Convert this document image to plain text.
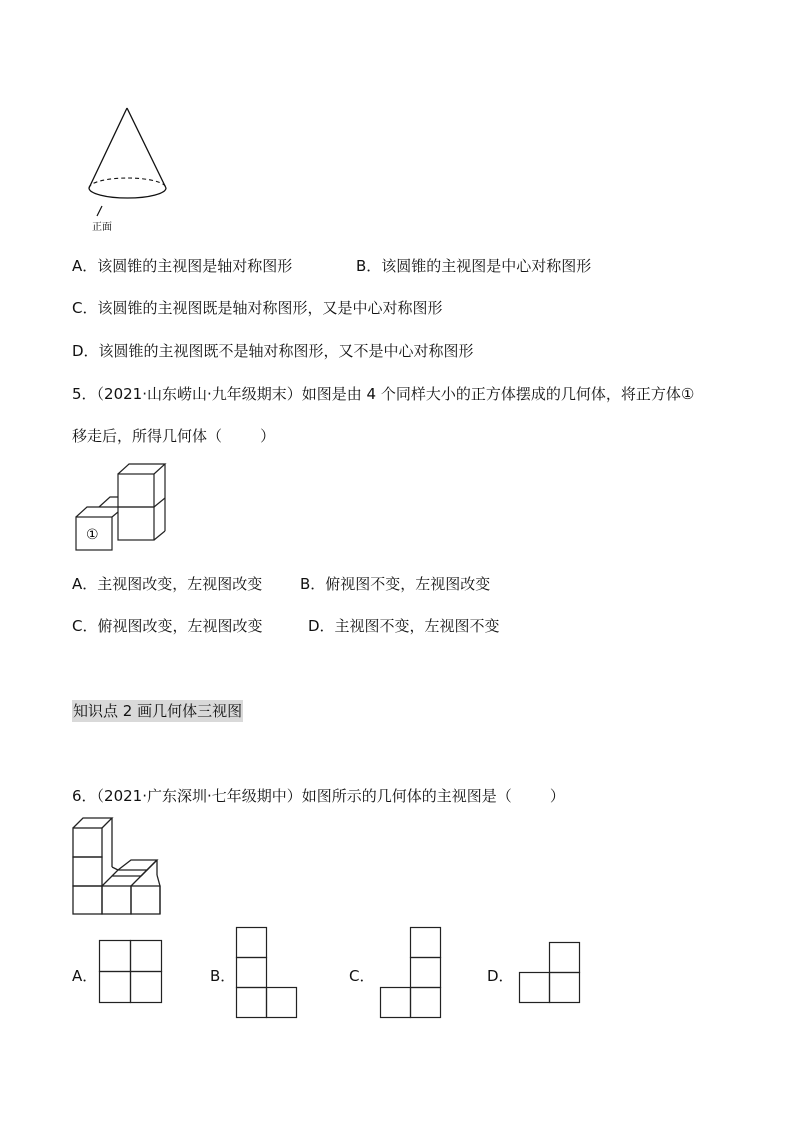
正面
A．该圆锥的主视图是轴对称图形	B．该圆锥的主视图是中心对称图形
C．该圆锥的主视图既是轴对称图形，又是中心对称图形
D．该圆锥的主视图既不是轴对称图形，又不是中心对称图形
5．（2021·山东崂山·九年级期末）如图是由 4 个同样大小的正方体摆成的几何体，将正方体①
移走后，所得几何体（        ）
①
A．主视图改变，左视图改变	B．俯视图不变，左视图改变
C．俯视图改变，左视图改变	D．主视图不变，左视图不变
知识点 2 画几何体三视图
6．（2021·广东深圳·七年级期中）如图所示的几何体的主视图是（        ）
A．	B．	C．	D．
